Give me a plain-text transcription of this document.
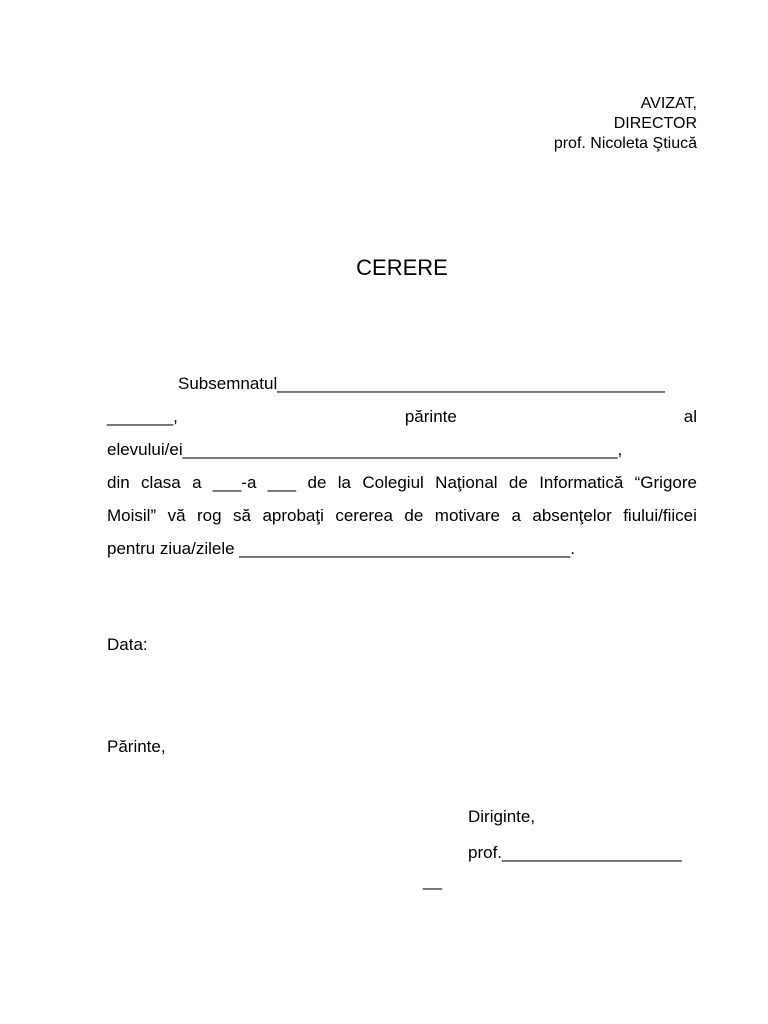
AVIZAT,
DIRECTOR
prof. Nicoleta Ştiucă
CERERE
Subsemnatul_________________________________________
_______,	părinte	al
elevului/ei______________________________________________,
din clasa a ___-a ___ de la Colegiul Naţional de Informatică “Grigore
Moisil” vă rog să aprobaţi cererea de motivare a absenţelor fiului/fiicei
pentru ziua/zilele ___________________________________.
Data:
Părinte,
Diriginte,
prof.___________________
__
